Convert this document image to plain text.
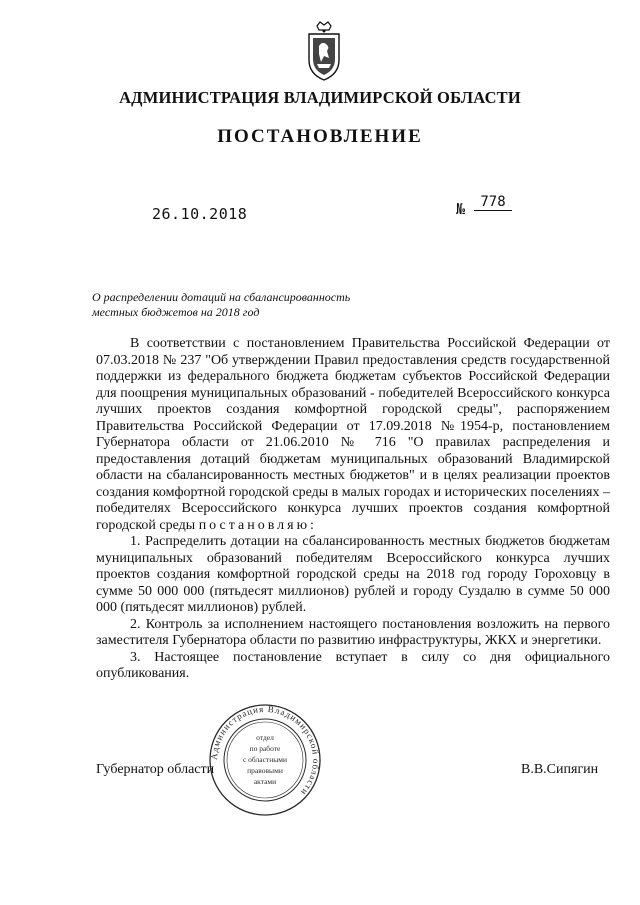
АДМИНИСТРАЦИЯ ВЛАДИМИРСКОЙ ОБЛАСТИ
ПОСТАНОВЛЕНИЕ
26.10.2018	№	778
О распределении дотаций на сбалансированность
местных бюджетов на 2018 год

В соответствии с постановлением Правительства Российской Федерации от 07.03.2018 № 237 "Об утверждении Правил предоставления средств государственной поддержки из федерального бюджета бюджетам субъектов Российской Федерации для поощрения муниципальных образований - победителей Всероссийского конкурса лучших проектов создания комфортной городской среды", распоряжением Правительства Российской Федерации от 17.09.2018 №1954-р, постановлением Губернатора области от 21.06.2010 № 716 "О правилах распределения и предоставления дотаций бюджетам муниципальных образований Владимирской области на сбалансированность местных бюджетов" и в целях реализации проектов создания комфортной городской среды в малых городах и исторических поселениях – победителях Всероссийского конкурса лучших проектов создания комфортной городской среды постановляю:

1. Распределить дотации на сбалансированность местных бюджетов бюджетам муниципальных образований победителям Всероссийского конкурса лучших проектов создания комфортной городской среды на 2018 год городу Гороховцу в сумме 50 000 000 (пятьдесят миллионов) рублей и городу Суздалю в сумме 50 000 000 (пятьдесят миллионов) рублей.

2. Контроль за исполнением настоящего постановления возложить на первого заместителя Губернатора области по развитию инфраструктуры, ЖКХ и энергетики.

3. Настоящее постановление вступает в силу со дня официального опубликования.

Губернатор области	В.В.Сипягин
Администрация Владимирской области
отдел
по работе
с областными
правовыми
актами
